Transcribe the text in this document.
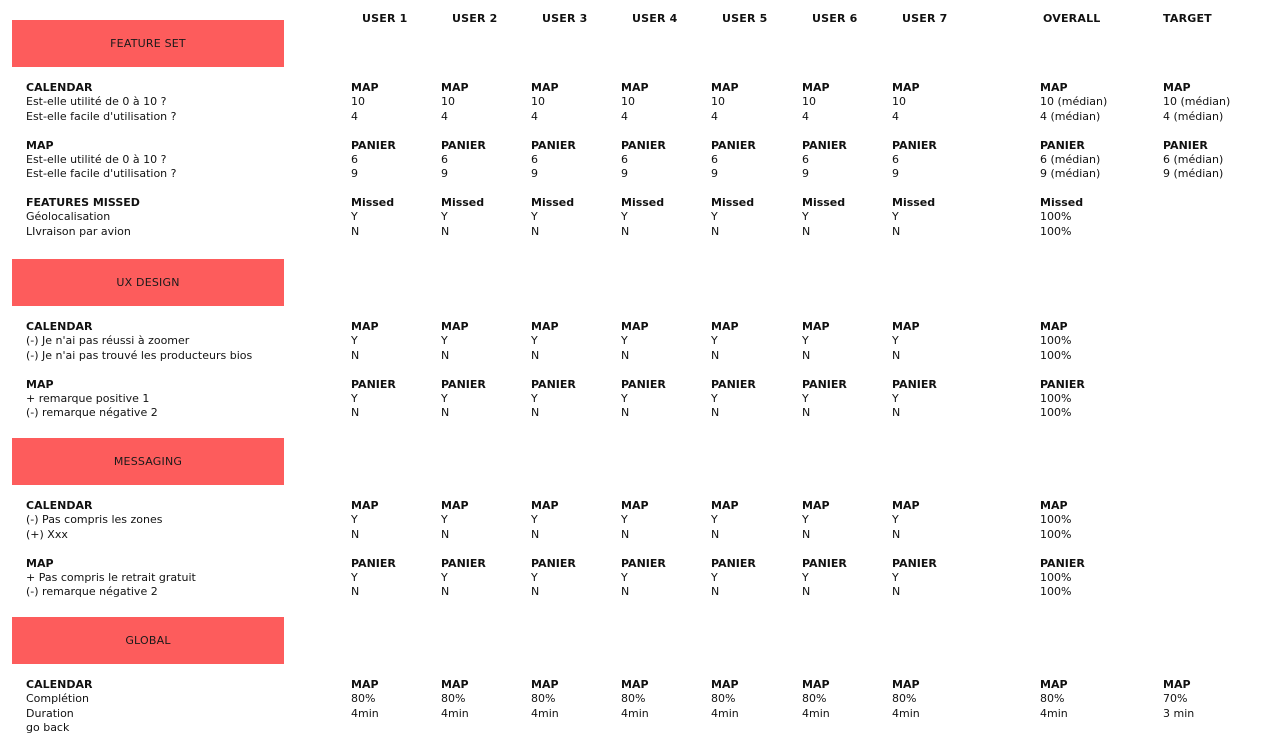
USER 1	USER 2	USER 3	USER 4	USER 5	USER 6	USER 7	OVERALL	TARGET
FEATURE SET
CALENDAR	MAP	MAP	MAP	MAP	MAP	MAP	MAP	MAP	MAP
Est-elle utilité de 0 à 10 ?	10	10	10	10	10	10	10	10 (médian)	10 (médian)
Est-elle facile d'utilisation ?	4	4	4	4	4	4	4	4 (médian)	4 (médian)
MAP	PANIER	PANIER	PANIER	PANIER	PANIER	PANIER	PANIER	PANIER	PANIER
Est-elle utilité de 0 à 10 ?	6	6	6	6	6	6	6	6 (médian)	6 (médian)
Est-elle facile d'utilisation ?	9	9	9	9	9	9	9	9 (médian)	9 (médian)
FEATURES MISSED	Missed	Missed	Missed	Missed	Missed	Missed	Missed	Missed
Géolocalisation	Y	Y	Y	Y	Y	Y	Y	100%
LIvraison par avion	N	N	N	N	N	N	N	100%
UX DESIGN
CALENDAR	MAP	MAP	MAP	MAP	MAP	MAP	MAP	MAP
(-) Je n'ai pas réussi à zoomer	Y	Y	Y	Y	Y	Y	Y	100%
(-) Je n'ai pas trouvé les producteurs bios	N	N	N	N	N	N	N	100%
MAP	PANIER	PANIER	PANIER	PANIER	PANIER	PANIER	PANIER	PANIER
+ remarque positive 1	Y	Y	Y	Y	Y	Y	Y	100%
(-) remarque négative 2	N	N	N	N	N	N	N	100%
MESSAGING
CALENDAR	MAP	MAP	MAP	MAP	MAP	MAP	MAP	MAP
(-) Pas compris les zones	Y	Y	Y	Y	Y	Y	Y	100%
(+) Xxx	N	N	N	N	N	N	N	100%
MAP	PANIER	PANIER	PANIER	PANIER	PANIER	PANIER	PANIER	PANIER
+ Pas compris le retrait gratuit	Y	Y	Y	Y	Y	Y	Y	100%
(-) remarque négative 2	N	N	N	N	N	N	N	100%
GLOBAL
CALENDAR	MAP	MAP	MAP	MAP	MAP	MAP	MAP	MAP	MAP
Complétion	80%	80%	80%	80%	80%	80%	80%	80%	70%
Duration	4min	4min	4min	4min	4min	4min	4min	4min	3 min
go back
